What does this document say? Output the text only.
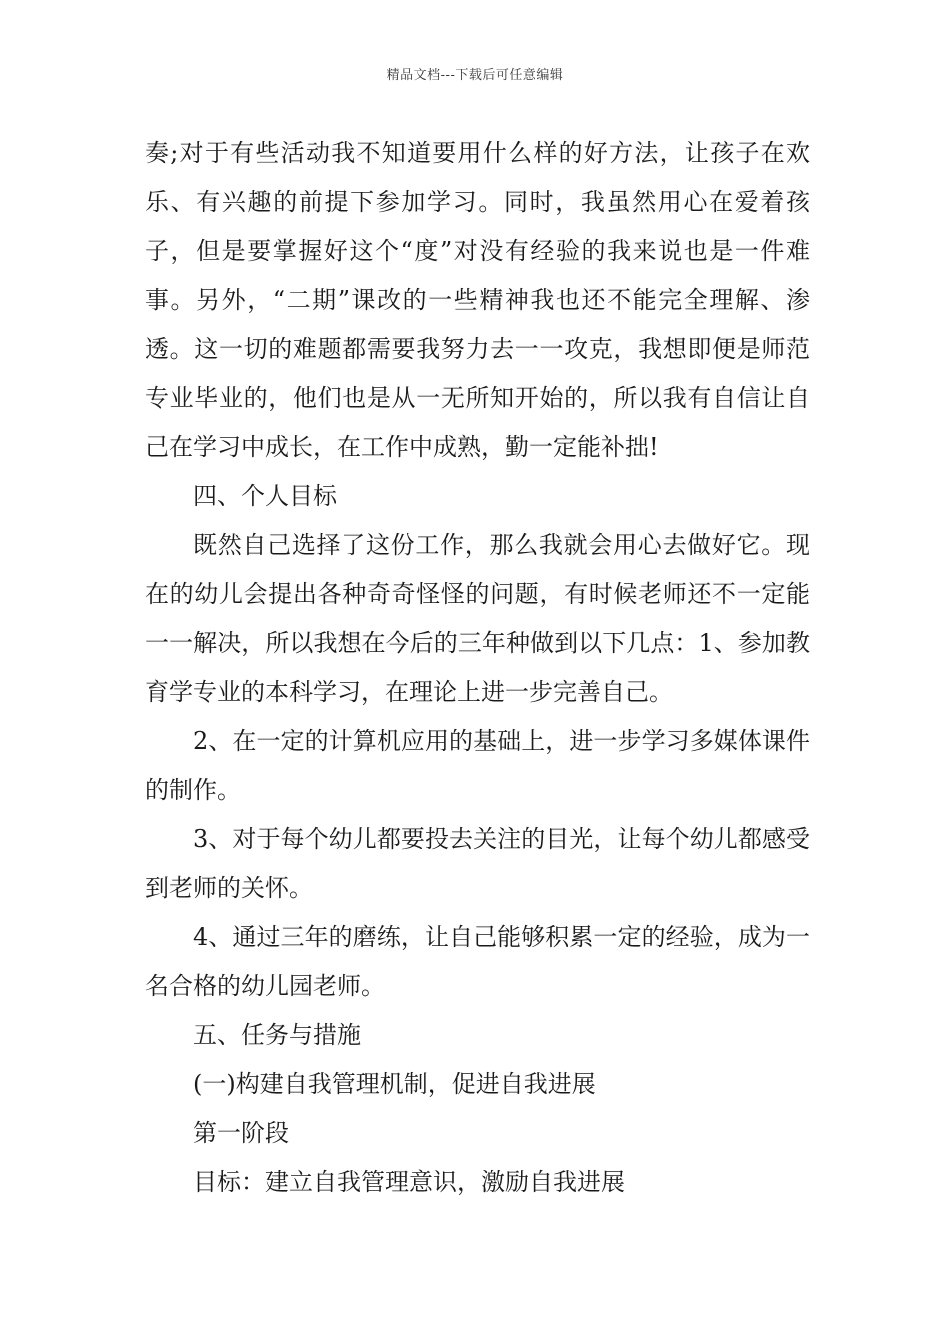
精品文档---下载后可任意编辑

奏;对于有些活动我不知道要用什么样的好方法，让孩子在欢乐、有兴趣的前提下参加学习。同时，我虽然用心在爱着孩子，但是要掌握好这个“度”对没有经验的我来说也是一件难事。另外，“二期”课改的一些精神我也还不能完全理解、渗透。这一切的难题都需要我努力去一一攻克，我想即便是师范专业毕业的，他们也是从一无所知开始的，所以我有自信让自己在学习中成长，在工作中成熟，勤一定能补拙!

四、个人目标

既然自己选择了这份工作，那么我就会用心去做好它。现在的幼儿会提出各种奇奇怪怪的问题，有时候老师还不一定能一一解决，所以我想在今后的三年种做到以下几点：1、参加教育学专业的本科学习，在理论上进一步完善自己。

2、在一定的计算机应用的基础上，进一步学习多媒体课件的制作。

3、对于每个幼儿都要投去关注的目光，让每个幼儿都感受到老师的关怀。

4、通过三年的磨练，让自己能够积累一定的经验，成为一名合格的幼儿园老师。

五、任务与措施

(一)构建自我管理机制，促进自我进展

第一阶段

目标：建立自我管理意识，激励自我进展
